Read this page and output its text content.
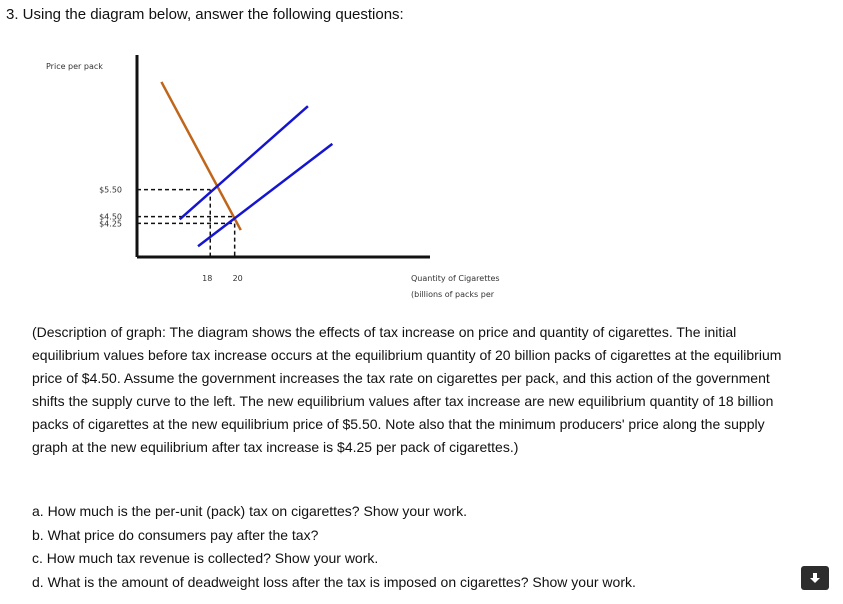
3. Using the diagram below, answer the following questions:
Price per pack
Quantity of Cigarettes
(billions of packs per
$5.50
$4.50
$4.25
18	20
(Description of graph: The diagram shows the effects of tax increase on price and quantity of cigarettes. The initial equilibrium values before tax increase occurs at the equilibrium quantity of 20 billion packs of cigarettes at the equilibrium price of $4.50. Assume the government increases the tax rate on cigarettes per pack, and this action of the government shifts the supply curve to the left. The new equilibrium values after tax increase are new equilibrium quantity of 18 billion packs of cigarettes at the new equilibrium price of $5.50. Note also that the minimum producers' price along the supply graph at the new equilibrium after tax increase is $4.25 per pack of cigarettes.)
a. How much is the per-unit (pack) tax on cigarettes? Show your work.
b. What price do consumers pay after the tax?
c. How much tax revenue is collected? Show your work.
d. What is the amount of deadweight loss after the tax is imposed on cigarettes? Show your work.
